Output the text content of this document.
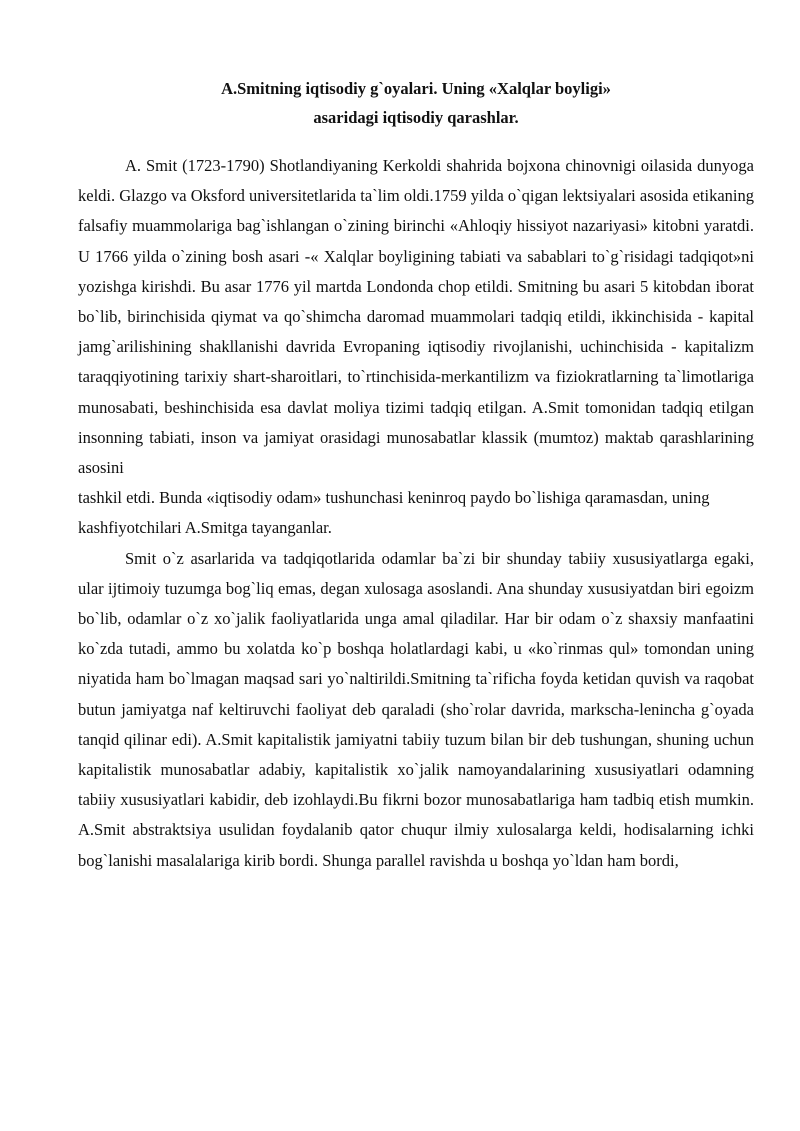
A.Smitning iqtisodiy g`oyalari. Uning «Xalqlar boyligi»
asaridagi iqtisodiy qarashlar.

A. Smit (1723-1790) Shotlandiyaning Kerkoldi shahrida bojxona chinovnigi oilasida dunyoga keldi. Glazgo va Oksford universitetlarida ta`lim oldi.1759 yilda o`qigan lektsiyalari asosida etikaning falsafiy muammolariga bag`ishlangan o`zining birinchi «Ahloqiy hissiyot nazariyasi» kitobni yaratdi. U 1766 yilda o`zining bosh asari -« Xalqlar boyligining tabiati va sabablari to`g`risidagi tadqiqot»ni yozishga kirishdi. Bu asar 1776 yil martda Londonda chop etildi. Smitning bu asari 5 kitobdan iborat bo`lib, birinchisida qiymat va qo`shimcha daromad muammolari tadqiq etildi, ikkinchisida - kapital jamg`arilishining shakllanishi davrida Evropaning iqtisodiy rivojlanishi, uchinchisida - kapitalizm taraqqiyotining tarixiy shart-sharoitlari, to`rtinchisida-merkantilizm va fiziokratlarning ta`limotlariga munosabati, beshinchisida esa davlat moliya tizimi tadqiq etilgan. A.Smit tomonidan tadqiq etilgan insonning tabiati, inson va jamiyat orasidagi munosabatlar klassik (mumtoz) maktab qarashlarining asosini

tashkil etdi. Bunda «iqtisodiy odam» tushunchasi keninroq paydo bo`lishiga qaramasdan, uning kashfiyotchilari A.Smitga tayanganlar.

Smit o`z asarlarida va tadqiqotlarida odamlar ba`zi bir shunday tabiiy xususiyatlarga egaki, ular ijtimoiy tuzumga bog`liq emas, degan xulosaga asoslandi. Ana shunday xususiyatdan biri egoizm bo`lib, odamlar o`z xo`jalik faoliyatlarida unga amal qiladilar. Har bir odam o`z shaxsiy manfaatini ko`zda tutadi, ammo bu xolatda ko`p boshqa holatlardagi kabi, u «ko`rinmas qul» tomondan uning niyatida ham bo`lmagan maqsad sari yo`naltirildi.Smitning ta`rificha foyda ketidan quvish va raqobat butun jamiyatga naf keltiruvchi faoliyat deb qaraladi (sho`rolar davrida, markscha-lenincha g`oyada tanqid qilinar edi). A.Smit kapitalistik jamiyatni tabiiy tuzum bilan bir deb tushungan, shuning uchun kapitalistik munosabatlar adabiy, kapitalistik xo`jalik namoyandalarining xususiyatlari odamning tabiiy xususiyatlari kabidir, deb izohlaydi.Bu fikrni bozor munosabatlariga ham tadbiq etish mumkin. A.Smit abstraktsiya usulidan foydalanib qator chuqur ilmiy xulosalarga keldi, hodisalarning ichki bog`lanishi masalalariga kirib bordi. Shunga parallel ravishda u boshqa yo`ldan ham bordi,
